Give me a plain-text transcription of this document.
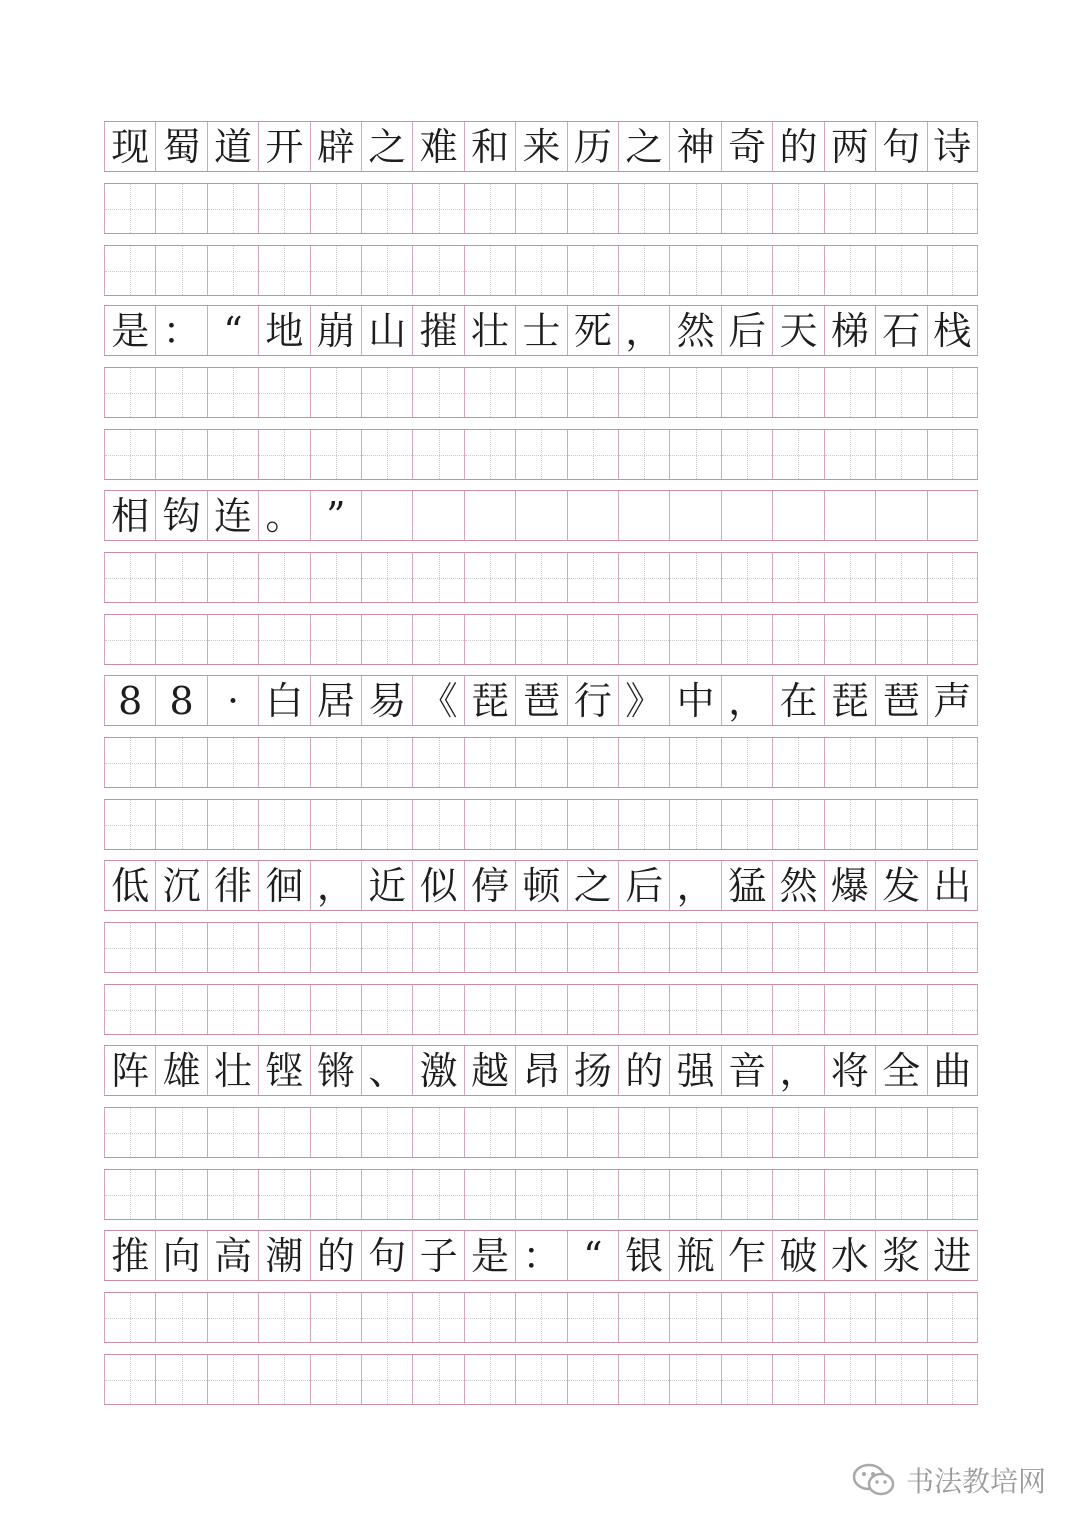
现 蜀 道 开 辟 之 难 和 来 历 之 神 奇 的 两 句 诗
是 ： “ 地 崩 山 摧 壮 士 死 ， 然 后 天 梯 石 栈
相 钩 连 。 ”
8 8 · 白 居 易 《 琵 琶 行 》 中 ， 在 琵 琶 声
低 沉 徘 徊 ， 近 似 停 顿 之 后 ， 猛 然 爆 发 出
阵 雄 壮 铿 锵 、 激 越 昂 扬 的 强 音 ， 将 全 曲
推 向 高 潮 的 句 子 是 ： “ 银 瓶 乍 破 水 浆 进
书法教培网
